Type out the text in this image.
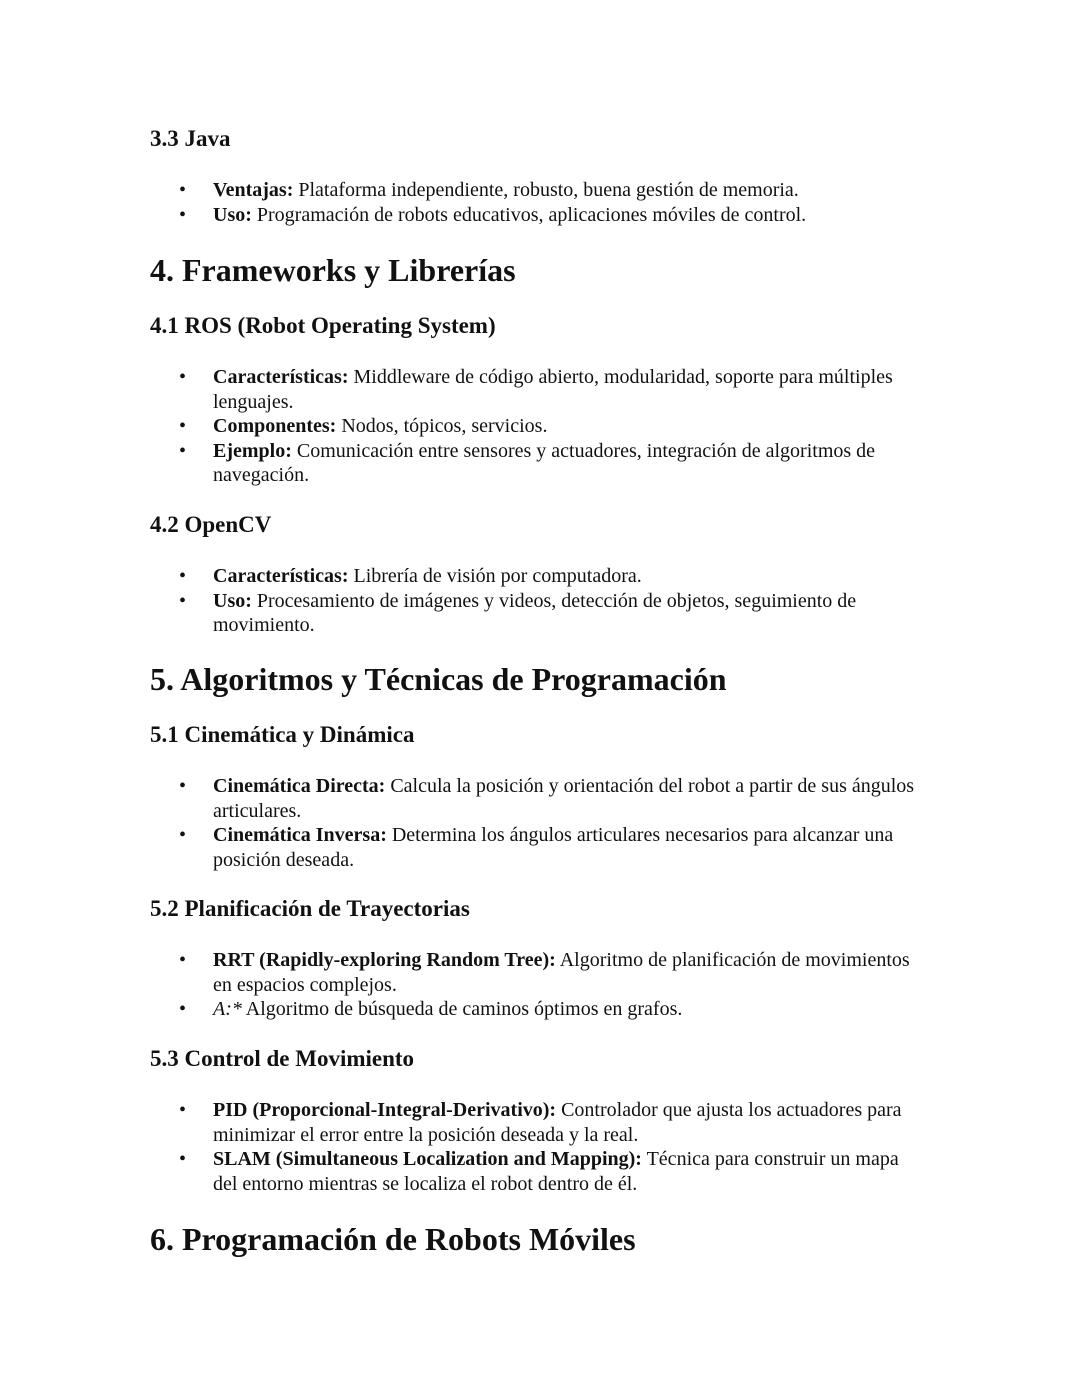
3.3 Java
• Ventajas: Plataforma independiente, robusto, buena gestión de memoria.
• Uso: Programación de robots educativos, aplicaciones móviles de control.
4. Frameworks y Librerías
4.1 ROS (Robot Operating System)
• Características: Middleware de código abierto, modularidad, soporte para múltiples lenguajes.
• Componentes: Nodos, tópicos, servicios.
• Ejemplo: Comunicación entre sensores y actuadores, integración de algoritmos de navegación.
4.2 OpenCV
• Características: Librería de visión por computadora.
• Uso: Procesamiento de imágenes y videos, detección de objetos, seguimiento de movimiento.
5. Algoritmos y Técnicas de Programación
5.1 Cinemática y Dinámica
• Cinemática Directa: Calcula la posición y orientación del robot a partir de sus ángulos articulares.
• Cinemática Inversa: Determina los ángulos articulares necesarios para alcanzar una posición deseada.
5.2 Planificación de Trayectorias
• RRT (Rapidly-exploring Random Tree): Algoritmo de planificación de movimientos en espacios complejos.
• A:* Algoritmo de búsqueda de caminos óptimos en grafos.
5.3 Control de Movimiento
• PID (Proporcional-Integral-Derivativo): Controlador que ajusta los actuadores para minimizar el error entre la posición deseada y la real.
• SLAM (Simultaneous Localization and Mapping): Técnica para construir un mapa del entorno mientras se localiza el robot dentro de él.
6. Programación de Robots Móviles
